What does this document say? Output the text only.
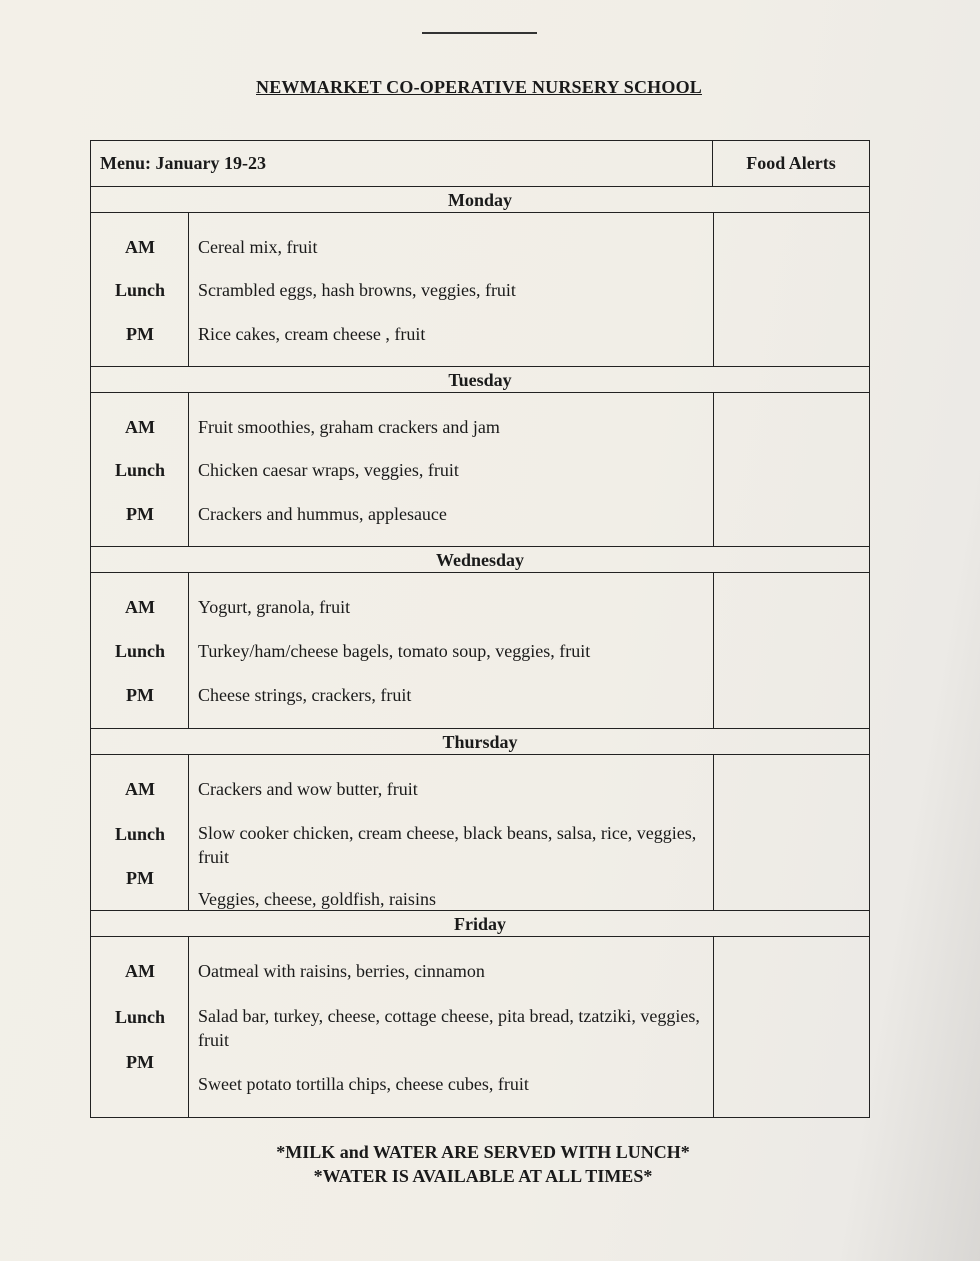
NEWMARKET CO-OPERATIVE NURSERY SCHOOL
Menu: January 19-23	Food Alerts
Monday
AM
Lunch
PM
Cereal mix, fruit
Scrambled eggs, hash browns, veggies, fruit
Rice cakes, cream cheese , fruit
Tuesday
AM
Lunch
PM
Fruit smoothies, graham crackers and jam
Chicken caesar wraps, veggies, fruit
Crackers and hummus, applesauce
Wednesday
AM
Lunch
PM
Yogurt, granola, fruit
Turkey/ham/cheese bagels, tomato soup, veggies, fruit
Cheese strings, crackers, fruit
Thursday
AM
Lunch
PM
Crackers and wow butter, fruit
Slow cooker chicken, cream cheese, black beans, salsa, rice, veggies, fruit
Veggies, cheese, goldfish, raisins
Friday
AM
Lunch
PM
Oatmeal with raisins, berries, cinnamon
Salad bar, turkey, cheese, cottage cheese, pita bread, tzatziki, veggies, fruit
Sweet potato tortilla chips, cheese cubes, fruit
*MILK and WATER ARE SERVED WITH LUNCH*
*WATER IS AVAILABLE AT ALL TIMES*
